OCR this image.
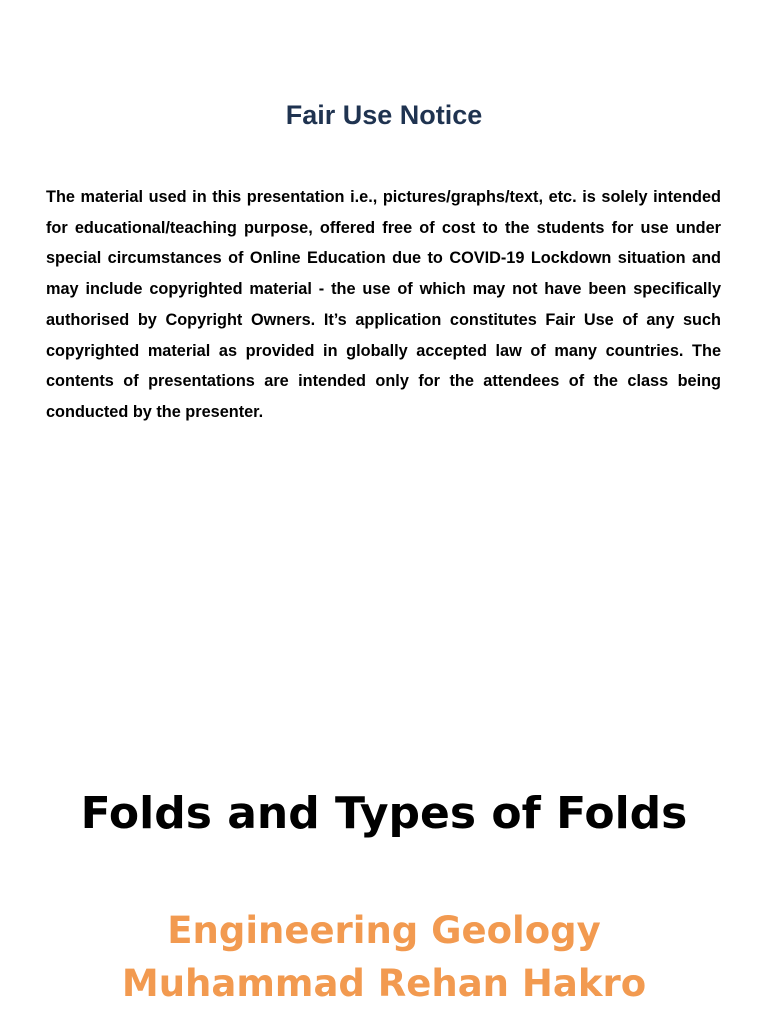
Fair Use Notice

The material used in this presentation i.e., pictures/graphs/text, etc. is solely intended for educational/teaching purpose, offered free of cost to the students for use under special circumstances of Online Education due to COVID-19 Lockdown situation and may include copyrighted material - the use of which may not have been specifically authorised by Copyright Owners. It’s application constitutes Fair Use of any such copyrighted material as provided in globally accepted law of many countries. The contents of presentations are intended only for the attendees of the class being conducted by the presenter.

Folds and Types of Folds
Engineering Geology
Muhammad Rehan Hakro
